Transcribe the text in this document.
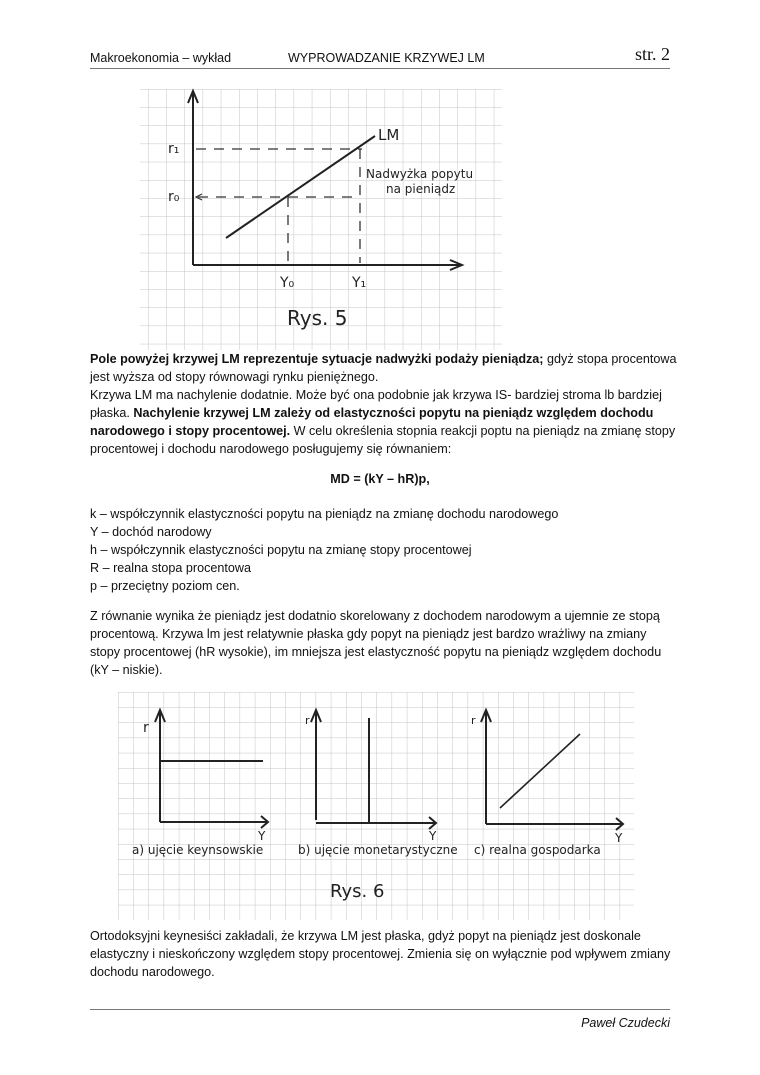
Makroekonomia – wykład	WYPROWADZANIE KRZYWEJ LM	str. 2
r₁
r₀
Y₀	Y₁
LM
Nadwyżka popytu
na pieniądz
Rys. 5

Pole powyżej krzywej LM reprezentuje sytuacje nadwyżki podaży pieniądza; gdyż stopa procentowa jest wyższa od stopy równowagi rynku pieniężnego.

Krzywa LM ma nachylenie dodatnie. Może być ona podobnie jak krzywa IS- bardziej stroma lb bardziej płaska. Nachylenie krzywej LM zależy od elastyczności popytu na pieniądz względem dochodu narodowego i stopy procentowej. W celu określenia stopnia reakcji poptu na pieniądz na zmianę stopy procentowej i dochodu narodowego posługujemy się równaniem:

MD = (kY – hR)p,
k – współczynnik elastyczności popytu na pieniądz na zmianę dochodu narodowego
Y – dochód narodowy
h – współczynnik elastyczności popytu na zmianę stopy procentowej
R – realna stopa procentowa
p – przeciętny poziom cen.

Z równanie wynika że pieniądz jest dodatnio skorelowany z dochodem narodowym a ujemnie ze stopą procentową. Krzywa lm jest relatywnie płaska gdy popyt na pieniądz jest bardzo wrażliwy na zmiany stopy procentowej (hR wysokie), im mniejsza jest elastyczność popytu na pieniądz względem dochodu (kY – niskie).

r
Y
a) ujęcie keynsowskie
r
Y
b) ujęcie monetarystyczne
r
Y
c) realna gospodarka
Rys. 6

Ortodoksyjni keynesiści zakładali, że krzywa LM jest płaska, gdyż popyt na pieniądz jest doskonale elastyczny i nieskończony względem stopy procentowej. Zmienia się on wyłącznie pod wpływem zmiany dochodu narodowego.

Paweł Czudecki
